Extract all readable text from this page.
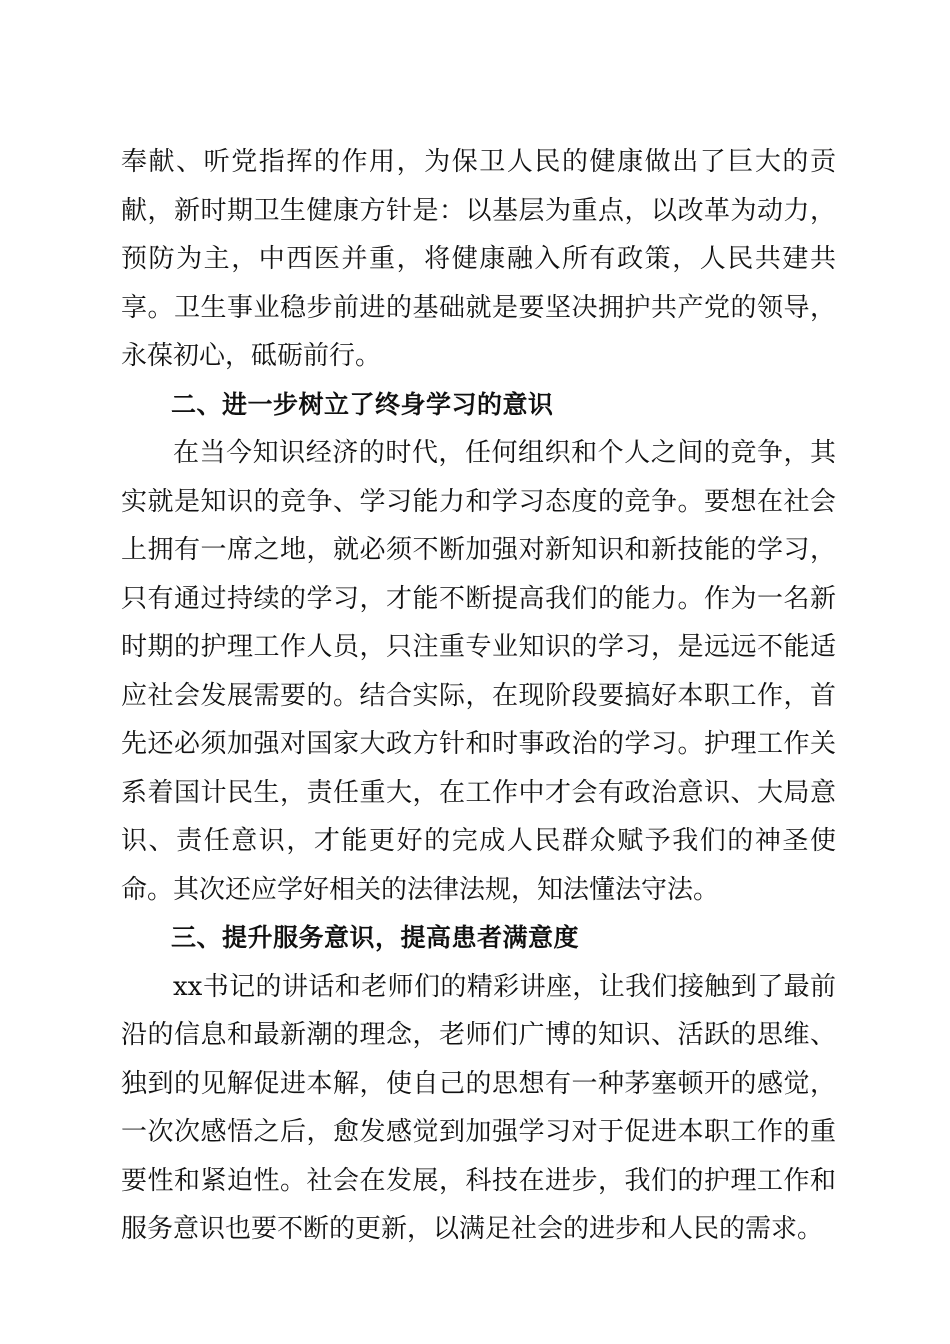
奉献、听党指挥的作用，为保卫人民的健康做出了巨大的贡献，新时期卫生健康方针是：以基层为重点，以改革为动力，预防为主，中西医并重，将健康融入所有政策，人民共建共享。卫生事业稳步前进的基础就是要坚决拥护共产党的领导，永葆初心，砥砺前行。

二、进一步树立了终身学习的意识

在当今知识经济的时代，任何组织和个人之间的竞争，其实就是知识的竞争、学习能力和学习态度的竞争。要想在社会上拥有一席之地，就必须不断加强对新知识和新技能的学习，只有通过持续的学习，才能不断提高我们的能力。作为一名新时期的护理工作人员，只注重专业知识的学习，是远远不能适应社会发展需要的。结合实际，在现阶段要搞好本职工作，首先还必须加强对国家大政方针和时事政治的学习。护理工作关系着国计民生，责任重大，在工作中才会有政治意识、大局意识、责任意识，才能更好的完成人民群众赋予我们的神圣使命。其次还应学好相关的法律法规，知法懂法守法。

三、提升服务意识，提高患者满意度

xx书记的讲话和老师们的精彩讲座，让我们接触到了最前沿的信息和最新潮的理念，老师们广博的知识、活跃的思维、独到的见解促进本解，使自己的思想有一种茅塞顿开的感觉，一次次感悟之后，愈发感觉到加强学习对于促进本职工作的重要性和紧迫性。社会在发展，科技在进步，我们的护理工作和服务意识也要不断的更新，以满足社会的进步和人民的需求。
